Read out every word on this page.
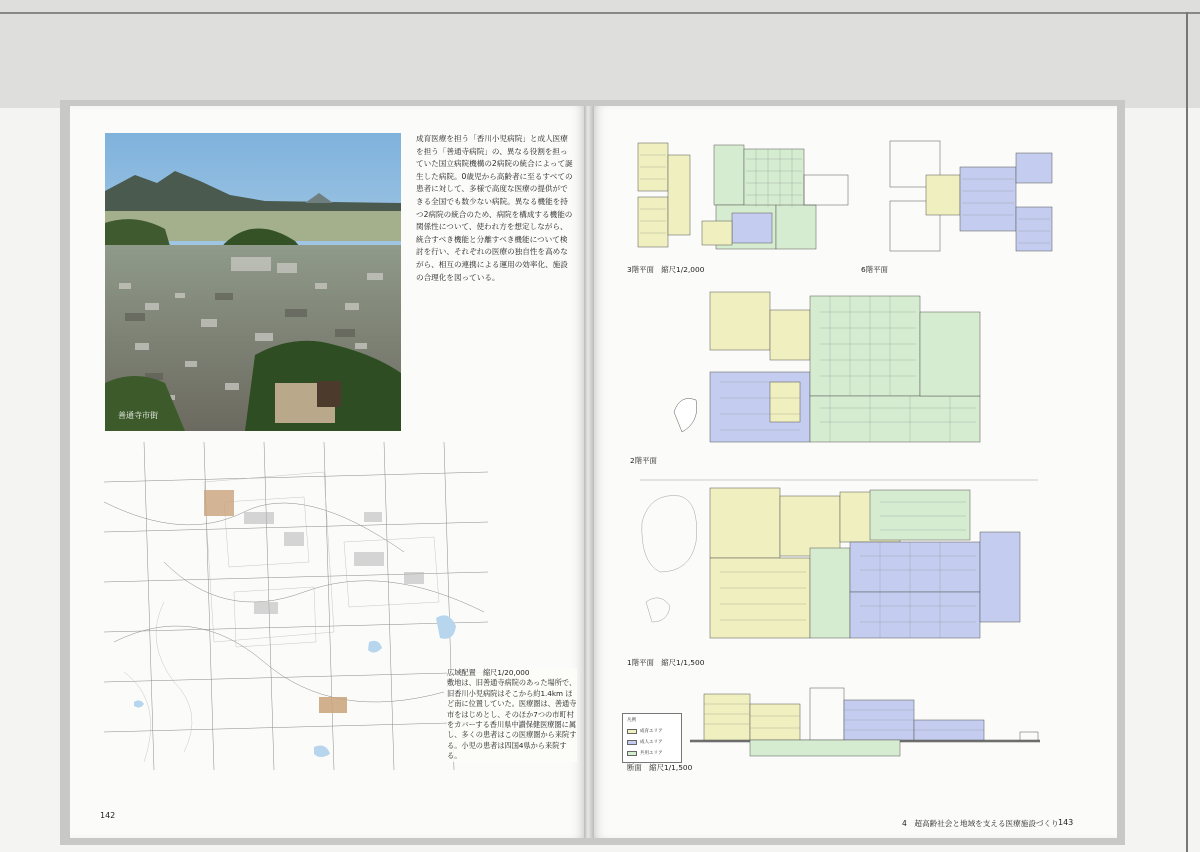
善通寺市街
成育医療を担う「香川小児病院」と成人医療を担う「善通寺病院」の、異なる役割を担っていた国立病院機構の2病院の統合によって誕生した病院。0歳児から高齢者に至るすべての患者に対して、多様で高度な医療の提供ができる全国でも数少ない病院。異なる機能を持つ2病院の統合のため、病院を構成する機能の関係性について、使われ方を想定しながら、統合すべき機能と分離すべき機能について検討を行い、それぞれの医療の独自性を高めながら、相互の連携による運用の効率化、施設の合理化を図っている。
広域配置　縮尺1/20,000
敷地は、旧善通寺病院のあった場所で、旧香川小児病院はそこから約1.4km ほど南に位置していた。医療圏は、善通寺市をはじめとし、そのほか7つの市町村をカバーする香川県中讃保健医療圏に属し、多くの患者はこの医療圏から来院する。小児の患者は四国4県から来院する。
142
3階平面　縮尺1/2,000	6階平面
2階平面
1階平面　縮尺1/1,500
断面　縮尺1/1,500
凡例
成育エリア
成人エリア
共用エリア
4　超高齢社会と地域を支える医療施設づくり 143
